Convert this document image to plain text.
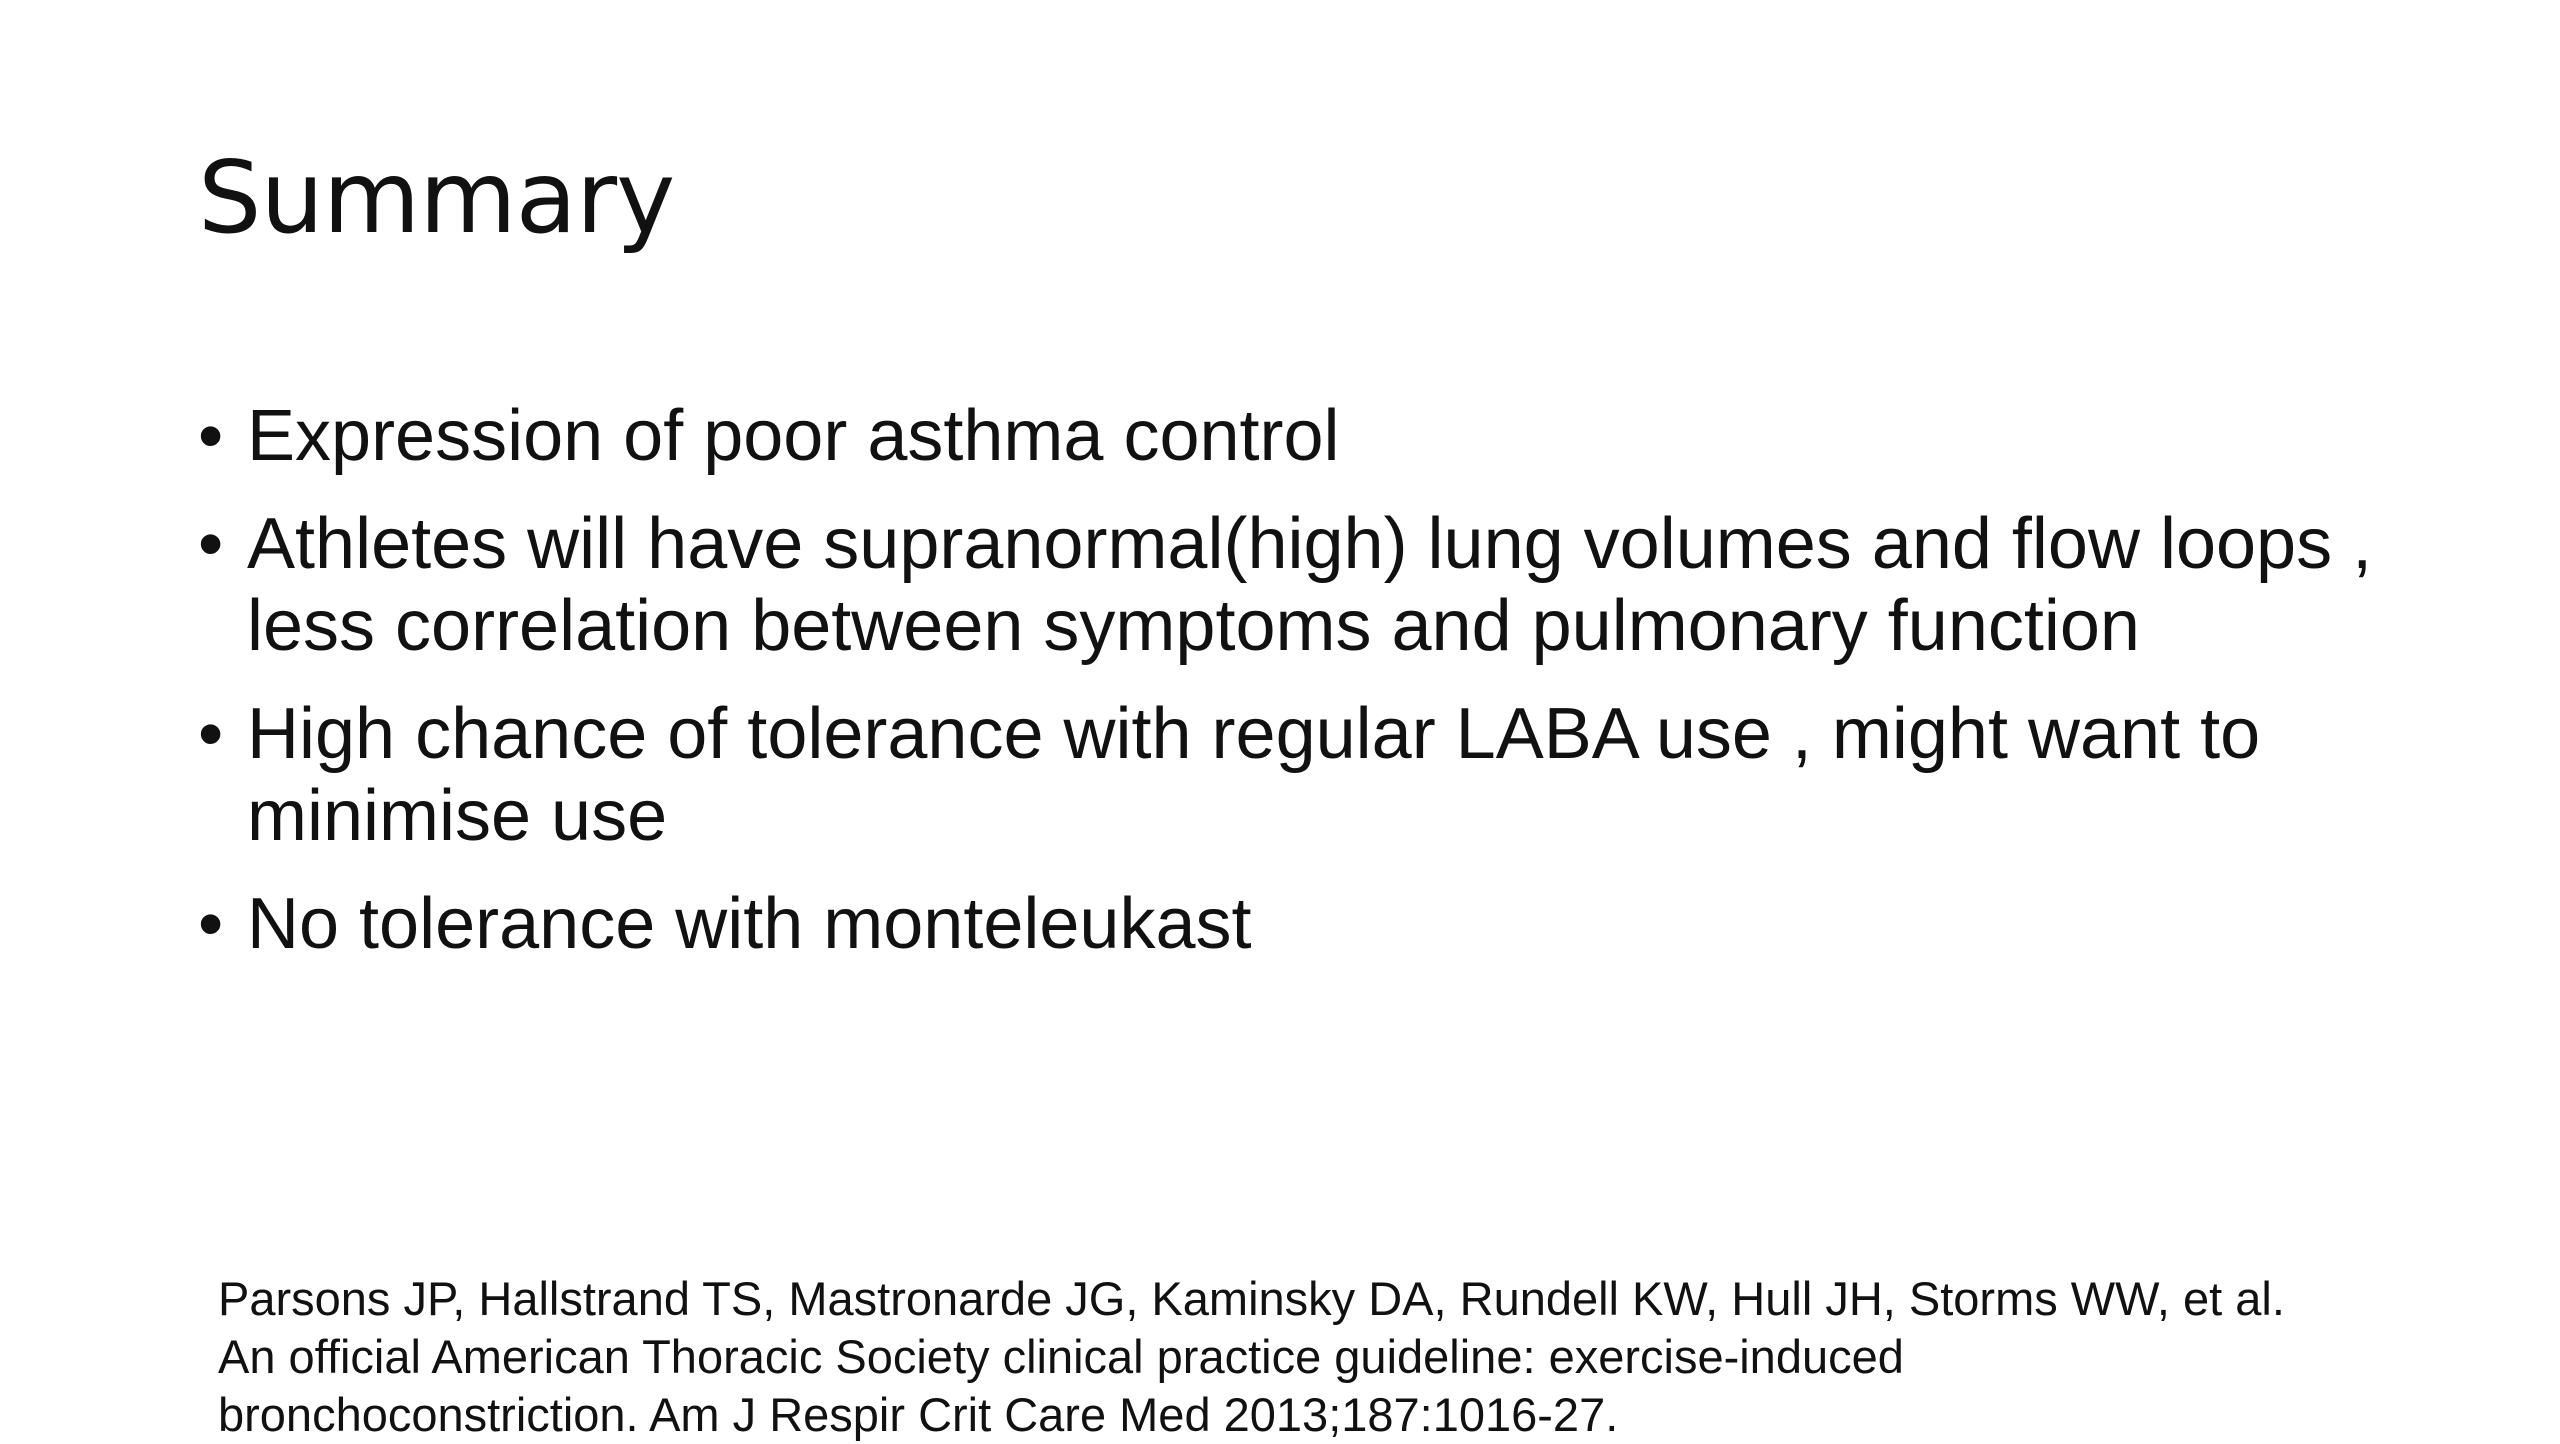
Summary
• Expression of poor asthma control
• Athletes will have supranormal(high) lung volumes and flow loops , less correlation between symptoms and pulmonary function
• High chance of tolerance with regular LABA use , might want to minimise use
• No tolerance with monteleukast
Parsons JP, Hallstrand TS, Mastronarde JG, Kaminsky DA, Rundell KW, Hull JH, Storms WW, et al.
An official American Thoracic Society clinical practice guideline: exercise-induced
bronchoconstriction. Am J Respir Crit Care Med 2013;187:1016-27.
